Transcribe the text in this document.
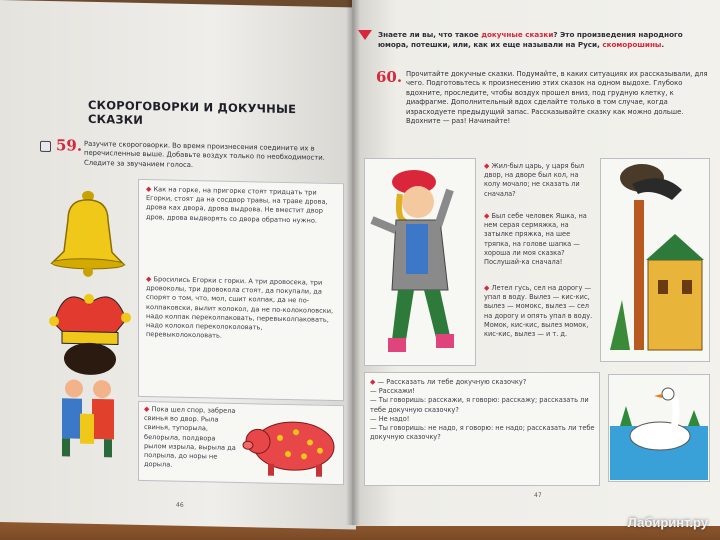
СКОРОГОВОРКИ И ДОКУЧНЫЕ СКАЗКИ
59. Разучите скороговорки. Во время произнесения соедините их в перечисленные выше. Добавьте воздух только по необходимости. Следите за звучанием голоса.
◆ Как на горке, на пригорке стоят тридцать три Егорки, стоят да на сосдвор травы, на траве дрова, дрова ках двора, дрова выдрова. Не вместит двор дров, дрова выдворять со двора обратно нужно.
◆ Бросились Егорки с горки. А три дровосека, три дровоколы, три дровокола стоят, да покупали, да спорят о том, что, мол, сшит колпак, да не по-колпаковски, вылит колокол, да не по-колоколовски, надо колпак переколпаковать, перевыколпаковать, надо колокол переколоколовать, перевыколоколовать.
◆ Пока шел спор, забрела свинья во двор. Рыла свинья, тупорыла, белорыла, полдвора рылом изрыла, вырыла да полрыла, до норы не дорыла.
46
Знаете ли вы, что такое докучные сказки? Это произведения народного юмора, потешки, или, как их еще называли на Руси, скоморошины.
60. Прочитайте докучные сказки. Подумайте, в каких ситуациях их рассказывали, для чего. Подготовьтесь к произнесению этих сказок на одном выдохе. Глубоко вдохните, проследите, чтобы воздух прошел вниз, под грудную клетку, к диафрагме. Дополнительный вдох сделайте только в том случае, когда израсходуете предыдущий запас. Рассказывайте сказку как можно дольше. Вдохните — раз! Начинайте!
◆ Жил-был царь, у царя был двор, на дворе был кол, на колу мочало; не сказать ли сначала?
◆ Был себе человек Яшка, на нем серая сермяжка, на затылке пряжка, на шее тряпка, на голове шапка — хороша ли моя сказка? Послушай-ка сначала!
◆ Летел гусь, сел на дорогу — упал в воду. Вылез — кис-кис, вылез — момокс, вылез — сел на дорогу и опять упал в воду. Момок, кис-кис, вылез момок, кис-кис, вылез — и т. д.
◆ — Рассказать ли тебе докучную сказочку?
— Расскажи!
— Ты говоришь: расскажи, я говорю: расскажу; рассказать ли тебе докучную сказочку?
— Не надо!
— Ты говоришь: не надо, я говорю: не надо; рассказать ли тебе докучную сказочку?
47
Лабиринт.ру
